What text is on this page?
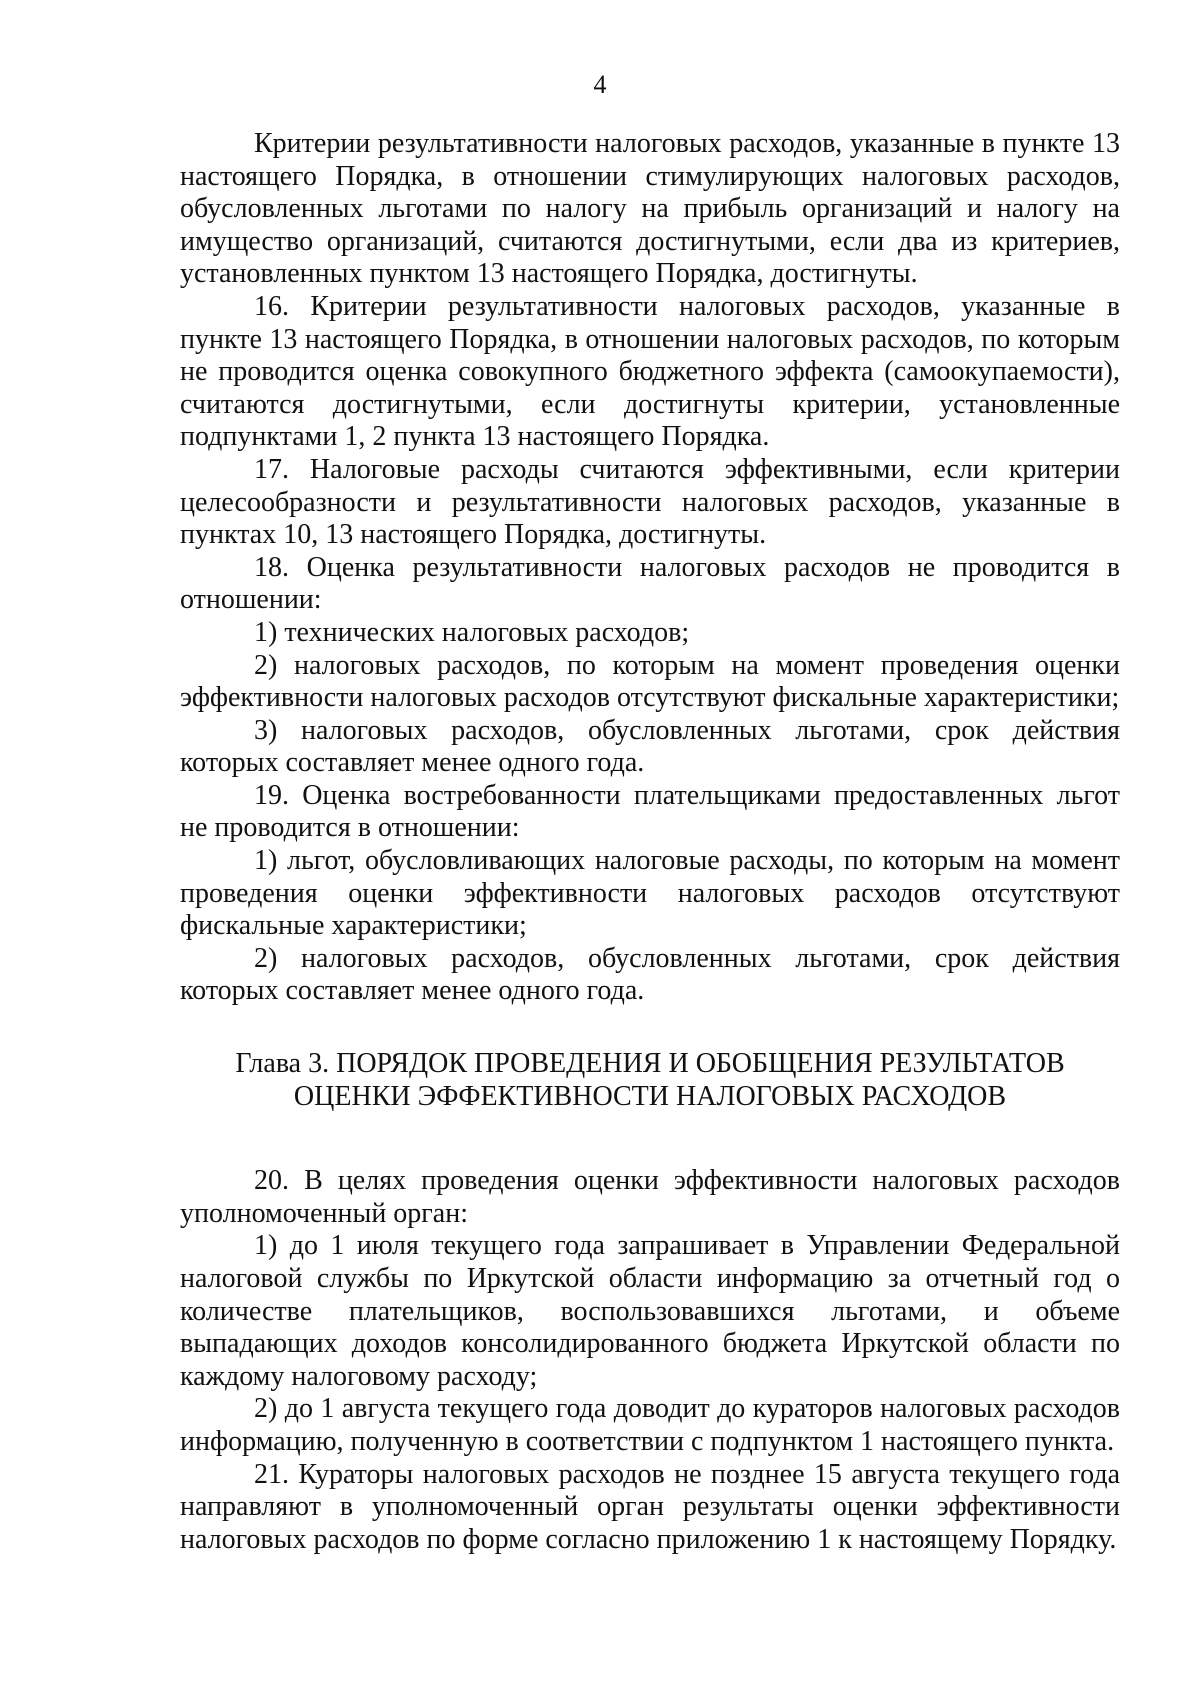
4

Критерии результативности налоговых расходов, указанные в пункте 13 настоящего Порядка, в отношении стимулирующих налоговых расходов, обусловленных льготами по налогу на прибыль организаций и налогу на имущество организаций, считаются достигнутыми, если два из критериев, установленных пунктом 13 настоящего Порядка, достигнуты.

16. Критерии результативности налоговых расходов, указанные в пункте 13 настоящего Порядка, в отношении налоговых расходов, по которым не проводится оценка совокупного бюджетного эффекта (самоокупаемости), считаются достигнутыми, если достигнуты критерии, установленные подпунктами 1, 2 пункта 13 настоящего Порядка.

17. Налоговые расходы считаются эффективными, если критерии целесообразности и результативности налоговых расходов, указанные в пунктах 10, 13 настоящего Порядка, достигнуты.

18. Оценка результативности налоговых расходов не проводится в отношении:

1) технических налоговых расходов;

2) налоговых расходов, по которым на момент проведения оценки эффективности налоговых расходов отсутствуют фискальные характеристики;

3) налоговых расходов, обусловленных льготами, срок действия которых составляет менее одного года.

19. Оценка востребованности плательщиками предоставленных льгот не проводится в отношении:

1) льгот, обусловливающих налоговые расходы, по которым на момент проведения оценки эффективности налоговых расходов отсутствуют фискальные характеристики;

2) налоговых расходов, обусловленных льготами, срок действия которых составляет менее одного года.

Глава 3. ПОРЯДОК ПРОВЕДЕНИЯ И ОБОБЩЕНИЯ РЕЗУЛЬТАТОВ
ОЦЕНКИ ЭФФЕКТИВНОСТИ НАЛОГОВЫХ РАСХОДОВ

20. В целях проведения оценки эффективности налоговых расходов уполномоченный орган:

1) до 1 июля текущего года запрашивает в Управлении Федеральной налоговой службы по Иркутской области информацию за отчетный год о количестве плательщиков, воспользовавшихся льготами, и объеме выпадающих доходов консолидированного бюджета Иркутской области по каждому налоговому расходу;

2) до 1 августа текущего года доводит до кураторов налоговых расходов информацию, полученную в соответствии с подпунктом 1 настоящего пункта.

21. Кураторы налоговых расходов не позднее 15 августа текущего года направляют в уполномоченный орган результаты оценки эффективности налоговых расходов по форме согласно приложению 1 к настоящему Порядку.
